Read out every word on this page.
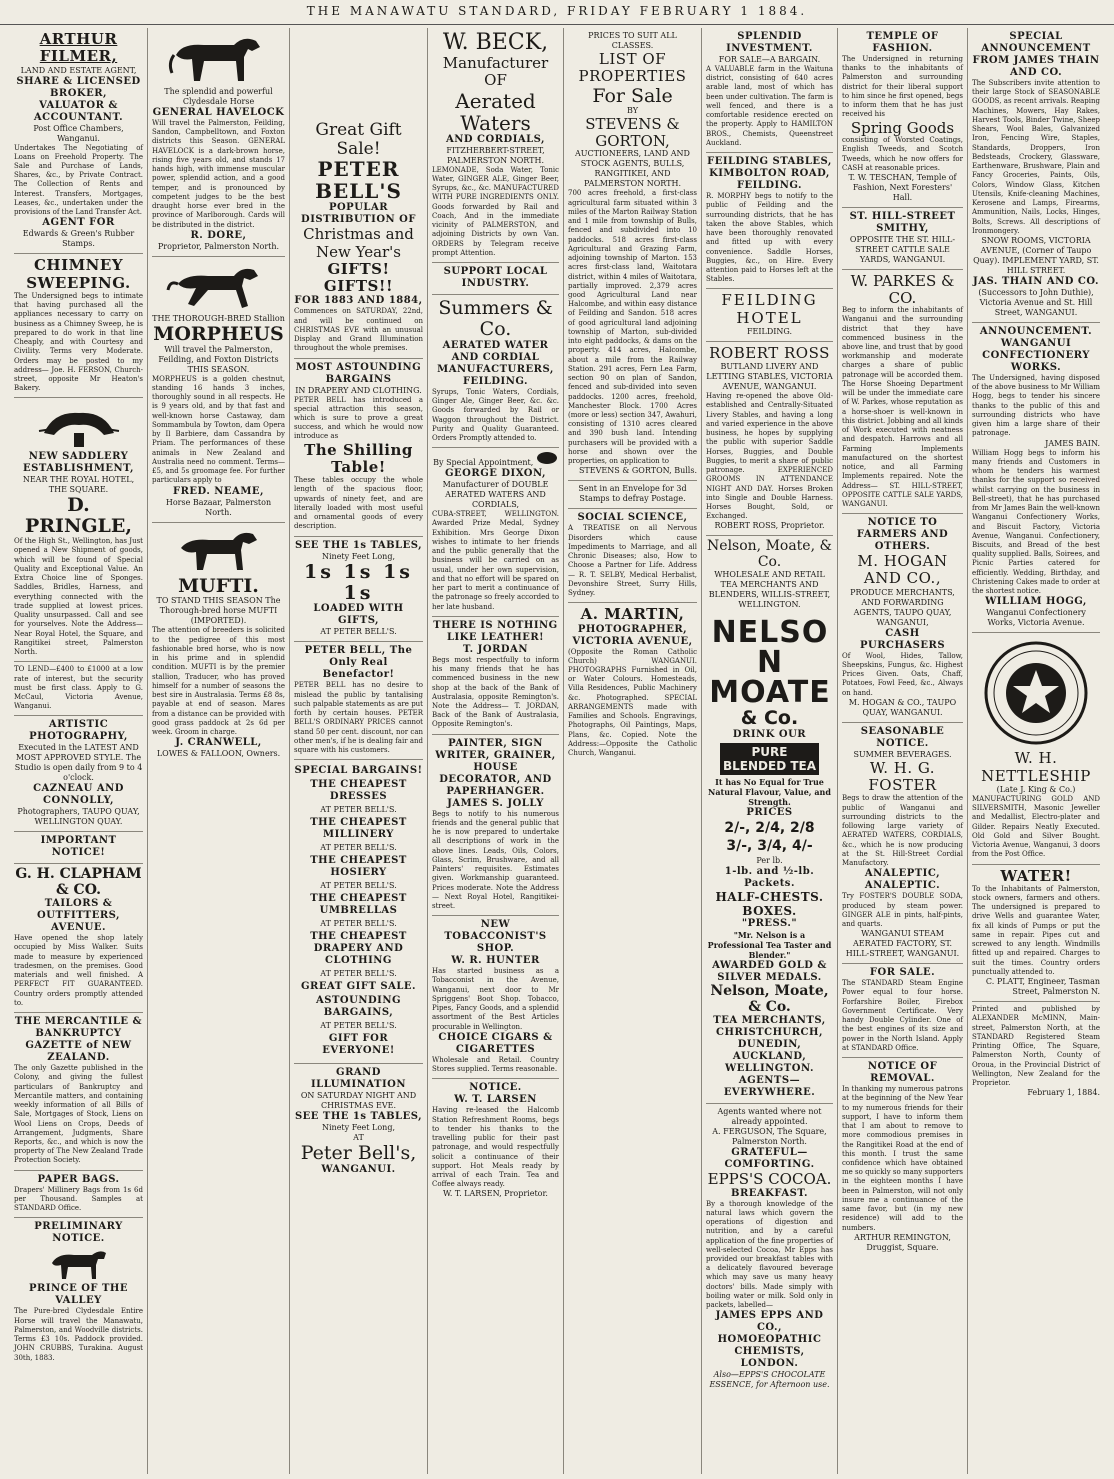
THE MANAWATU STANDARD, FRIDAY FEBRUARY 1 1884.
ARTHUR FILMER,
LAND AND ESTATE AGENT,
SHARE & LICENSED BROKER,
VALUATOR & ACCOUNTANT.
Post Office Chambers, Wanganui.
Undertakes The Negotiating of Loans on Freehold Property. The Sale and Purchase of Lands, Shares, &c., by Private Contract. The Collection of Rents and Interest. Transfers, Mortgages, Leases, &c., undertaken under the provisions of the Land Transfer Act.
AGENT FOR
Edwards & Green's Rubber Stamps.
CHIMNEY SWEEPING.
The Undersigned begs to intimate that having purchased all the appliances necessary to carry on business as a Chimney Sweep, he is prepared to do work in that line Cheaply, and with Courtesy and Civility. Terms very Moderate. Orders may be posted to my address— Joe. H. FERSON, Church-street, opposite Mr Heaton's Bakery.
NEW SADDLERY ESTABLISHMENT,
NEAR THE ROYAL HOTEL, THE SQUARE.
D. PRINGLE,
Of the High St., Wellington, has Just opened a New Shipment of goods, which will be found of Special Quality and Exceptional Value. An Extra Choice line of Sponges. Saddles, Bridles, Harness, and everything connected with the trade supplied at lowest prices. Quality unsurpassed. Call and see for yourselves. Note the Address—Near Royal Hotel, the Square, and Rangitikei street, Palmerston North.
TO LEND—£400 to £1000 at a low rate of interest, but the security must be first class. Apply to G. McCaul, Victoria Avenue, Wanganui.
ARTISTIC PHOTOGRAPHY,
Executed in the LATEST AND MOST APPROVED STYLE. The Studio is open daily from 9 to 4 o'clock.
CAZNEAU AND CONNOLLY,
Photographers, TAUPO QUAY, WELLINGTON QUAY.
IMPORTANT NOTICE!
G. H. CLAPHAM & CO.
TAILORS & OUTFITTERS, AVENUE.
Have opened the shop lately occupied by Miss Walker. Suits made to measure by experienced tradesmen, on the premises. Good materials and well finished. A PERFECT FIT GUARANTEED. Country orders promptly attended to.
THE MERCANTILE & BANKRUPTCY GAZETTE of NEW ZEALAND.
The only Gazette published in the Colony, and giving the fullest particulars of Bankruptcy and Mercantile matters, and containing weekly information of all Bills of Sale, Mortgages of Stock, Liens on Wool Liens on Crops, Deeds of Arrangement, Judgments, Share Reports, &c., and which is now the property of The New Zealand Trade Protection Society.
PAPER BAGS.
Drapers' Millinery Bags from 1s 6d per Thousand. Samples at STANDARD Office.
PRELIMINARY NOTICE.
PRINCE OF THE VALLEY
The Pure-bred Clydesdale Entire Horse will travel the Manawatu, Palmerston, and Woodville districts. Terms £3 10s. Paddock provided. JOHN CRUBBS, Turakina. August 30th, 1883.
The splendid and powerful Clydesdale Horse
GENERAL HAVELOCK
Will travel the Palmerston, Feilding, Sandon, Campbelltown, and Foxton districts this Season. GENERAL HAVELOCK is a dark-brown horse, rising five years old, and stands 17 hands high, with immense muscular power, splendid action, and a good temper, and is pronounced by competent judges to be the best draught horse ever bred in the province of Marlborough. Cards will be distributed in the district.
R. DORE,
Proprietor, Palmerston North.
THE THOROUGH-BRED Stallion
MORPHEUS
Will travel the Palmerston, Feilding, and Foxton Districts THIS SEASON.
MORPHEUS is a golden chestnut, standing 16 hands 3 inches, thoroughly sound in all respects. He is 9 years old, and by that fast and well-known horse Castaway, dam Sommambula by Towton, dam Opera by Il Barbiere, dam Cassandra by Priam. The performances of these animals in New Zealand and Australia need no comment. Terms—£5, and 5s groomage fee. For further particulars apply to
FRED. NEAME,
Horse Bazaar, Palmerston North.
MUFTI.
TO STAND THIS SEASON The Thorough-bred horse MUFTI (IMPORTED).
The attention of breeders is solicited to the pedigree of this most fashionable bred horse, who is now in his prime and in splendid condition. MUFTI is by the premier stallion, Traducer, who has proved himself for a number of seasons the best sire in Australasia. Terms £8 8s, payable at end of season. Mares from a distance can be provided with good grass paddock at 2s 6d per week. Groom in charge.
J. CRANWELL,
LOWES & FALLOON, Owners.
Great Gift Sale!
PETER BELL'S
POPULAR DISTRIBUTION OF
Christmas and New Year's
GIFTS! GIFTS!!
FOR 1883 AND 1884,
Commences on SATURDAY, 22nd, and will be continued on CHRISTMAS EVE with an unusual Display and Grand Illumination throughout the whole premises.
MOST ASTOUNDING BARGAINS
IN DRAPERY AND CLOTHING.
PETER BELL has introduced a special attraction this season, which is sure to prove a great success, and which he would now introduce as
The Shilling Table!
These tables occupy the whole length of the spacious floor, upwards of ninety feet, and are literally loaded with most useful and ornamental goods of every description.
SEE THE 1s TABLES,
Ninety Feet Long,
1s 1s 1s 1s
LOADED WITH GIFTS,
AT PETER BELL'S.
PETER BELL, The Only Real Benefactor!
PETER BELL has no desire to mislead the public by tantalising such palpable statements as are put forth by certain houses. PETER BELL'S ORDINARY PRICES cannot stand 50 per cent. discount, nor can other men's, if he is dealing fair and square with his customers.
SPECIAL BARGAINS!
THE CHEAPEST DRESSES
AT PETER BELL'S.
THE CHEAPEST MILLINERY
AT PETER BELL'S.
THE CHEAPEST HOSIERY
AT PETER BELL'S.
THE CHEAPEST UMBRELLAS
AT PETER BELL'S.
THE CHEAPEST DRAPERY AND CLOTHING
AT PETER BELL'S.
GREAT GIFT SALE.
ASTOUNDING BARGAINS,
AT PETER BELL'S.
GIFT FOR EVERYONE!
GRAND ILLUMINATION
ON SATURDAY NIGHT AND CHRISTMAS EVE.
SEE THE 1s TABLES,
Ninety Feet Long,
AT
Peter Bell's,
WANGANUI.
W. BECK,
Manufacturer OF
Aerated Waters
AND CORDIALS,
FITZHERBERT-STREET, PALMERSTON NORTH.
LEMONADE, Soda Water, Tonic Water, GINGER ALE, Ginger Beer, Syrups, &c., &c. MANUFACTURED WITH PURE INGREDIENTS ONLY. Goods forwarded by Rail and Coach, And in the immediate vicinity of PALMERSTON, and adjoining Districts by own Van. ORDERS by Telegram receive prompt Attention.
SUPPORT LOCAL INDUSTRY.
Summers & Co.
AERATED WATER AND CORDIAL MANUFACTURERS, FEILDING.
Syrups, Tonic Waters, Cordials, Ginger Ale, Ginger Beer, &c. &c. Goods forwarded by Rail or Waggon throughout the District. Purity and Quality Guaranteed. Orders Promptly attended to.
By Special Appointment,
GEORGE DIXON,
Manufacturer of DOUBLE AERATED WATERS AND CORDIALS,
CUBA-STREET, WELLINGTON. Awarded Prize Medal, Sydney Exhibition. Mrs George Dixon wishes to intimate to her friends and the public generally that the business will be carried on as usual, under her own supervision, and that no effort will be spared on her part to merit a continuance of the patronage so freely accorded to her late husband.
THERE IS NOTHING LIKE LEATHER!
T. JORDAN
Begs most respectfully to inform his many friends that he has commenced business in the new shop at the back of the Bank of Australasia, opposite Remington's. Note the Address— T. JORDAN, Back of the Bank of Australasia, Opposite Remington's.
PAINTER, SIGN WRITER, GRAINER, HOUSE DECORATOR, AND PAPERHANGER.
JAMES S. JOLLY
Begs to notify to his numerous friends and the general public that he is now prepared to undertake all descriptions of work in the above lines. Leads, Oils, Colors, Glass, Scrim, Brushware, and all Painters' requisites. Estimates given. Workmanship guaranteed. Prices moderate. Note the Address— Next Royal Hotel, Rangitikei-street.
NEW TOBACCONIST'S SHOP.
W. R. HUNTER
Has started business as a Tobacconist in the Avenue, Wanganui, next door to Mr Spriggens' Boot Shop. Tobacco, Pipes, Fancy Goods, and a splendid assortment of the Best Articles procurable in Wellington.
CHOICE CIGARS & CIGARETTES
Wholesale and Retail. Country Stores supplied. Terms reasonable.
NOTICE.
W. T. LARSEN
Having re-leased the Halcomb Station Refreshment Rooms, begs to tender his thanks to the travelling public for their past patronage, and would respectfully solicit a continuance of their support. Hot Meals ready by arrival of each Train. Tea and Coffee always ready.
W. T. LARSEN, Proprietor.
PRICES TO SUIT ALL CLASSES.
LIST OF PROPERTIES
For Sale
BY
STEVENS & GORTON,
AUCTIONEERS, LAND AND STOCK AGENTS, BULLS, RANGITIKEI, AND PALMERSTON NORTH.
700 acres freehold, a first-class agricultural farm situated within 3 miles of the Marton Railway Station and 1 mile from township of Bulls, fenced and subdivided into 10 paddocks. 518 acres first-class Agricultural and Grazing Farm, adjoining township of Marton. 153 acres first-class land, Waitotara district, within 4 miles of Waitotara, partially improved. 2,379 acres good Agricultural Land near Halcombe, and within easy distance of Feilding and Sandon. 518 acres of good agricultural land adjoining township of Marton, sub-divided into eight paddocks, & dams on the property. 414 acres, Halcombe, about a mile from the Railway Station. 291 acres, Fern Lea Farm, section 90 on plan of Sandon, fenced and sub-divided into seven paddocks. 1200 acres, freehold, Manchester Block. 1700 Acres (more or less) section 347, Awahuri, consisting of 1310 acres cleared and 390 bush land. Intending purchasers will be provided with a horse and shown over the properties, on application to
STEVENS & GORTON, Bulls.
Sent in an Envelope for 3d Stamps to defray Postage.
SOCIAL SCIENCE,
A TREATISE on all Nervous Disorders which cause Impediments to Marriage, and all Chronic Diseases; also, How to Choose a Partner for Life. Address— R. T. SELBY, Medical Herbalist, Devonshire Street, Surry Hills, Sydney.
A. MARTIN,
PHOTOGRAPHER, VICTORIA AVENUE,
(Opposite the Roman Catholic Church) WANGANUI. PHOTOGRAPHS Furnished in Oil, or Water Colours. Homesteads, Villa Residences, Public Machinery &c. Photographed. SPECIAL ARRANGEMENTS made with Families and Schools. Engravings, Photographs, Oil Paintings, Maps, Plans, &c. Copied. Note the Address:—Opposite the Catholic Church, Wanganui.
SPLENDID INVESTMENT.
FOR SALE—A BARGAIN.
A VALUABLE farm in the Waituna district, consisting of 640 acres arable land, most of which has been under cultivation. The farm is well fenced, and there is a comfortable residence erected on the property. Apply to HAMILTON BROS., Chemists, Queenstreet Auckland.
FEILDING STABLES, KIMBOLTON ROAD, FEILDING.
R. MORPHY begs to notify to the public of Feilding and the surrounding districts, that he has taken the above Stables, which have been thoroughly renovated and fitted up with every convenience. Saddle Horses, Buggies, &c., on Hire. Every attention paid to Horses left at the Stables.
FEILDING HOTEL
FEILDING.
ROBERT ROSS
BUTLAND LIVERY AND LETTING STABLES, VICTORIA AVENUE, WANGANUI.
Having re-opened the above Old-established and Centrally-Situated Livery Stables, and having a long and varied experience in the above business, he hopes by supplying the public with superior Saddle Horses, Buggies, and Double Buggies, to merit a share of public patronage. EXPERIENCED GROOMS IN ATTENDANCE NIGHT AND DAY. Horses Broken into Single and Double Harness. Horses Bought, Sold, or Exchanged.
ROBERT ROSS, Proprietor.
Nelson, Moate, & Co.
WHOLESALE AND RETAIL TEA MERCHANTS AND BLENDERS, WILLIS-STREET, WELLINGTON.
NELSON MOATE
& Co.
DRINK OUR
PURE BLENDED TEA
It has No Equal for True Natural Flavour, Value, and Strength.
PRICES
2/-, 2/4, 2/8
3/-, 3/4, 4/-
Per lb.
1-lb. and ½-lb. Packets.
HALF-CHESTS. BOXES.
"PRESS."
"Mr. Nelson is a Professional Tea Taster and Blender."
AWARDED GOLD & SILVER MEDALS.
Nelson, Moate, & Co.
TEA MERCHANTS, CHRISTCHURCH, DUNEDIN, AUCKLAND, WELLINGTON.
AGENTS—EVERYWHERE.
Agents wanted where not already appointed.
A. FERGUSON, The Square, Palmerston North.
GRATEFUL—COMFORTING.
EPPS'S COCOA.
BREAKFAST.
By a thorough knowledge of the natural laws which govern the operations of digestion and nutrition, and by a careful application of the fine properties of well-selected Cocoa, Mr Epps has provided our breakfast tables with a delicately flavoured beverage which may save us many heavy doctors' bills. Made simply with boiling water or milk. Sold only in packets, labelled—
JAMES EPPS AND CO., HOMOEOPATHIC CHEMISTS, LONDON.
Also—EPPS'S CHOCOLATE ESSENCE, for Afternoon use.
TEMPLE OF FASHION.
The Undersigned in returning thanks to the inhabitants of Palmerston and surrounding district for their liberal support to him since he first opened, begs to inform them that he has just received his
Spring Goods
consisting of Worsted Coatings, English Tweeds, and Scotch Tweeds, which he now offers for CASH at reasonable prices.
T. W. TESCHAN, Temple of Fashion, Next Foresters' Hall.
ST. HILL-STREET SMITHY,
OPPOSITE THE ST. HILL-STREET CATTLE SALE YARDS, WANGANUI.
W. PARKES & CO.
Beg to inform the inhabitants of Wanganui and the surrounding district that they have commenced business in the above line, and trust that by good workmanship and moderate charges a share of public patronage will be accorded them. The Horse Shoeing Department will be under the immediate care of W. Parkes, whose reputation as a horse-shoer is well-known in this district. Jobbing and all kinds of Work executed with neatness and despatch. Harrows and all Farming Implements manufactured on the shortest notice, and all Farming Implements repaired. Note the Address— ST. HILL-STREET, OPPOSITE CATTLE SALE YARDS, WANGANUI.
NOTICE TO FARMERS AND OTHERS.
M. HOGAN AND CO.,
PRODUCE MERCHANTS, AND FORWARDING AGENTS, TAUPO QUAY, WANGANUI,
CASH PURCHASERS
Of Wool, Hides, Tallow, Sheepskins, Fungus, &c. Highest Prices Given. Oats, Chaff, Potatoes, Fowl Feed, &c., Always on hand.
M. HOGAN & CO., TAUPO QUAY, WANGANUI.
SEASONABLE NOTICE.
SUMMER BEVERAGES.
W. H. G. FOSTER
Begs to draw the attention of the public of Wanganui and surrounding districts to the following large variety of AERATED WATERS, CORDIALS, &c., which he is now producing at the St. Hill-Street Cordial Manufactory.
ANALEPTIC, ANALEPTIC.
Try FOSTER'S DOUBLE SODA, produced by steam power. GINGER ALE in pints, half-pints, and quarts.
WANGANUI STEAM AERATED FACTORY, ST. HILL-STREET, WANGANUI.
FOR SALE.
The STANDARD Steam Engine Power equal to four horse. Forfarshire Boiler, Firebox Government Certificate. Very handy Double Cylinder. One of the best engines of its size and power in the North Island. Apply at STANDARD Office.
NOTICE OF REMOVAL.
In thanking my numerous patrons at the beginning of the New Year to my numerous friends for their support, I have to inform them that I am about to remove to more commodious premises in the Rangitikei Road at the end of this month. I trust the same confidence which have obtained me so quickly so many supporters in the eighteen months I have been in Palmerston, will not only insure me a continuance of the same favor, but (in my new residence) will add to the numbers.
ARTHUR REMINGTON, Druggist, Square.
SPECIAL ANNOUNCEMENT FROM JAMES THAIN AND CO.
The Subscribers invite attention to their large Stock of SEASONABLE GOODS, as recent arrivals. Reaping Machines, Mowers, Hay Rakes, Harvest Tools, Binder Twine, Sheep Shears, Wool Bales, Galvanized Iron, Fencing Wire, Staples, Standards, Droppers, Iron Bedsteads, Crockery, Glassware, Earthenware, Brushware, Plain and Fancy Groceries, Paints, Oils, Colors, Window Glass, Kitchen Utensils, Knife-cleaning Machines, Kerosene and Lamps, Firearms, Ammunition, Nails, Locks, Hinges, Bolts, Screws. All descriptions of Ironmongery.
SNOW ROOMS, VICTORIA AVENUE, (Corner of Taupo Quay). IMPLEMENT YARD, ST. HILL STREET.
JAS. THAIN AND CO.
(Successors to John Duthie), Victoria Avenue and St. Hill Street, WANGANUI.
ANNOUNCEMENT.
WANGANUI CONFECTIONERY WORKS.
The Undersigned, having disposed of the above business to Mr William Hogg, begs to tender his sincere thanks to the public of this and surrounding districts who have given him a large share of their patronage.
JAMES BAIN.
William Hogg begs to inform his many friends and Customers in whom he tenders his warmest thanks for the support so received whilst carrying on the business in Bell-street), that he has purchased from Mr James Bain the well-known Wanganui Confectionery Works, and Biscuit Factory, Victoria Avenue, Wanganui. Confectionery, Biscuits, and Bread of the best quality supplied. Balls, Soirees, and Picnic Parties catered for efficiently. Wedding, Birthday, and Christening Cakes made to order at the shortest notice.
WILLIAM HOGG,
Wanganui Confectionery Works, Victoria Avenue.
W. H. NETTLESHIP
(Late J. King & Co.)
MANUFACTURING GOLD AND SILVERSMITH, Masonic Jeweller and Medallist, Electro-plater and Gilder. Repairs Neatly Executed. Old Gold and Silver Bought. Victoria Avenue, Wanganui, 3 doors from the Post Office.
WATER!
To the Inhabitants of Palmerston, stock owners, farmers and others. The undersigned is prepared to drive Wells and guarantee Water, fix all kinds of Pumps or put the same in repair. Pipes cut and screwed to any length. Windmills fitted up and repaired. Charges to suit the times. Country orders punctually attended to.
C. PLATT, Engineer, Tasman Street, Palmerston N.
Printed and published by ALEXANDER McMINN, Main-street, Palmerston North, at the STANDARD Registered Steam Printing Office, The Square, Palmerston North, County of Oroua, in the Provincial District of Wellington, New Zealand for the Proprietor.
February 1, 1884.
